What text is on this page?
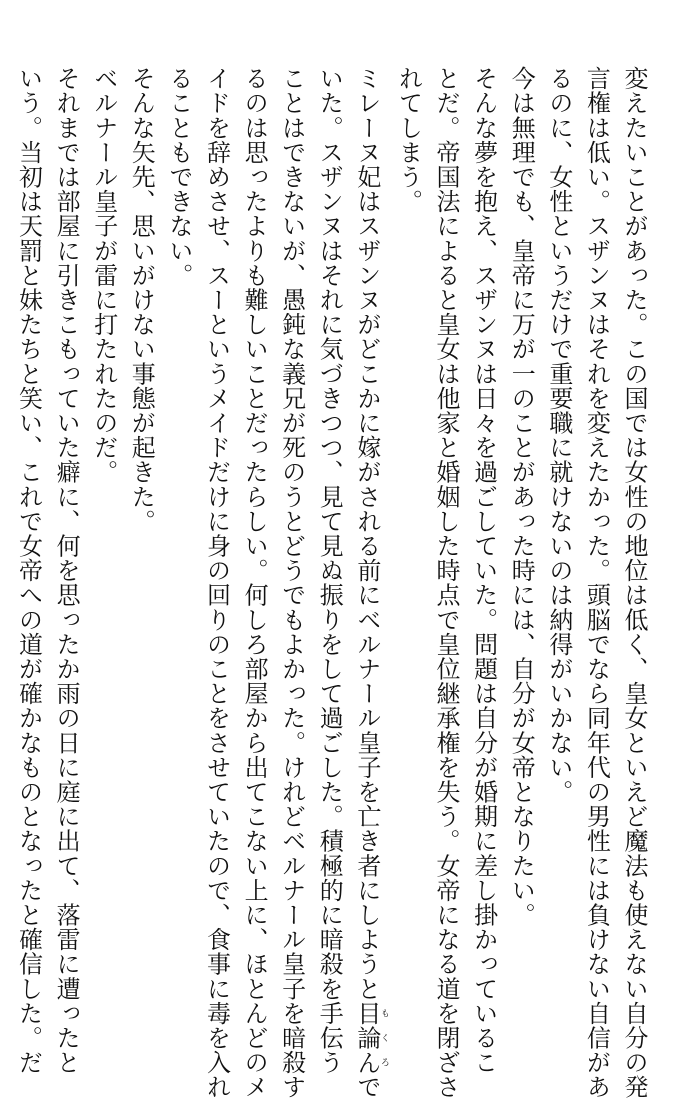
変えたいことがあった。この国では女性の地位は低く、皇女といえど魔法も使えない自分の発
言権は低い。スザンヌはそれを変えたかった。頭脳でなら同年代の男性には負けない自信があ
るのに、女性というだけで重要職に就けないのは納得がいかない。
今は無理でも、皇帝に万が一のことがあった時には、自分が女帝となりたい。
そんな夢を抱え、スザンヌは日々を過ごしていた。問題は自分が婚期に差し掛かっているこ
とだ。帝国法によると皇女は他家と婚姻した時点で皇位継承権を失う。女帝になる道を閉ざさ
れてしまう。
ミレーヌ妃はスザンヌがどこかに嫁がされる前にベルナール皇子を亡き者にしようと目論んもくろで
いた。スザンヌはそれに気づきつつ、見て見ぬ振りをして過ごした。積極的に暗殺を手伝う
ことはできないが、愚鈍な義兄が死のうとどうでもよかった。けれどベルナール皇子を暗殺す
るのは思ったよりも難しいことだったらしい。何しろ部屋から出てこない上に、ほとんどのメ
イドを辞めさせ、スーというメイドだけに身の回りのことをさせていたので、食事に毒を入れ
ることもできない。
そんな矢先、思いがけない事態が起きた。
ベルナール皇子が雷に打たれたのだ。
それまでは部屋に引きこもっていた癖に、何を思ったか雨の日に庭に出て、落雷に遭ったと
いう。当初は天罰と妹たちと笑い、これで女帝への道が確かなものとなったと確信した。だ
